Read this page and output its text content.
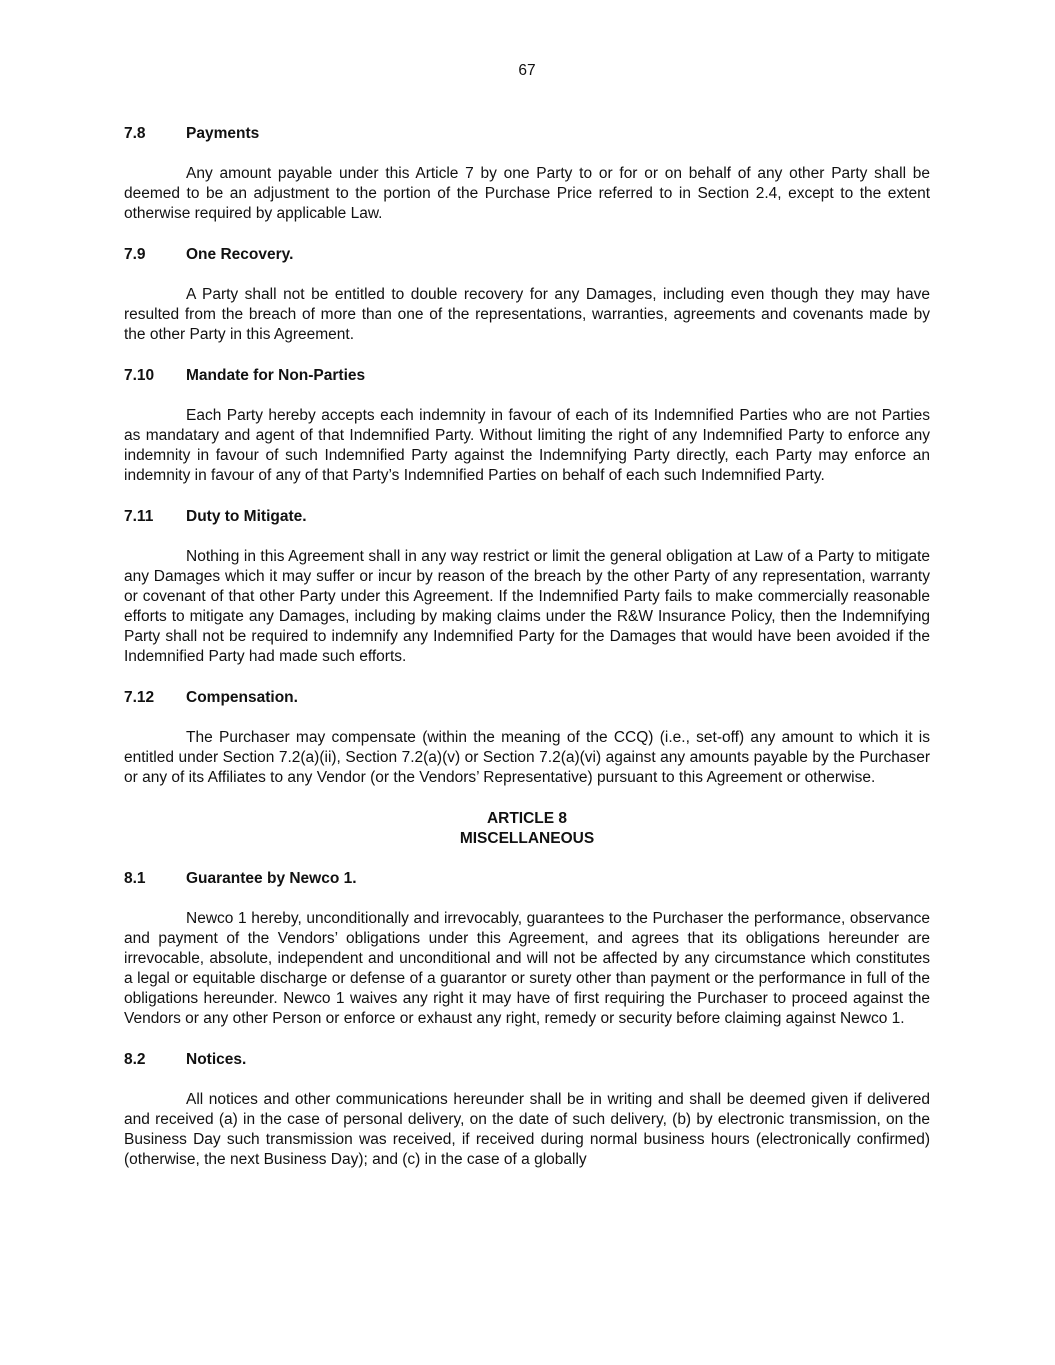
67
7.8	Payments

Any amount payable under this Article 7 by one Party to or for or on behalf of any other Party shall be deemed to be an adjustment to the portion of the Purchase Price referred to in Section 2.4, except to the extent otherwise required by applicable Law.

7.9	One Recovery.

A Party shall not be entitled to double recovery for any Damages, including even though they may have resulted from the breach of more than one of the representations, warranties, agreements and covenants made by the other Party in this Agreement.

7.10	Mandate for Non-Parties

Each Party hereby accepts each indemnity in favour of each of its Indemnified Parties who are not Parties as mandatary and agent of that Indemnified Party. Without limiting the right of any Indemnified Party to enforce any indemnity in favour of such Indemnified Party against the Indemnifying Party directly, each Party may enforce an indemnity in favour of any of that Party’s Indemnified Parties on behalf of each such Indemnified Party.

7.11	Duty to Mitigate.

Nothing in this Agreement shall in any way restrict or limit the general obligation at Law of a Party to mitigate any Damages which it may suffer or incur by reason of the breach by the other Party of any representation, warranty or covenant of that other Party under this Agreement. If the Indemnified Party fails to make commercially reasonable efforts to mitigate any Damages, including by making claims under the R&W Insurance Policy, then the Indemnifying Party shall not be required to indemnify any Indemnified Party for the Damages that would have been avoided if the Indemnified Party had made such efforts.

7.12	Compensation.

The Purchaser may compensate (within the meaning of the CCQ) (i.e., set-off) any amount to which it is entitled under Section 7.2(a)(ii), Section 7.2(a)(v) or Section 7.2(a)(vi) against any amounts payable by the Purchaser or any of its Affiliates to any Vendor (or the Vendors’ Representative) pursuant to this Agreement or otherwise.

ARTICLE 8
MISCELLANEOUS
8.1	Guarantee by Newco 1.

Newco 1 hereby, unconditionally and irrevocably, guarantees to the Purchaser the performance, observance and payment of the Vendors’ obligations under this Agreement, and agrees that its obligations hereunder are irrevocable, absolute, independent and unconditional and will not be affected by any circumstance which constitutes a legal or equitable discharge or defense of a guarantor or surety other than payment or the performance in full of the obligations hereunder. Newco 1 waives any right it may have of first requiring the Purchaser to proceed against the Vendors or any other Person or enforce or exhaust any right, remedy or security before claiming against Newco 1.

8.2	Notices.

All notices and other communications hereunder shall be in writing and shall be deemed given if delivered and received (a) in the case of personal delivery, on the date of such delivery, (b) by electronic transmission, on the Business Day such transmission was received, if received during normal business hours (electronically confirmed) (otherwise, the next Business Day); and (c) in the case of a globally
